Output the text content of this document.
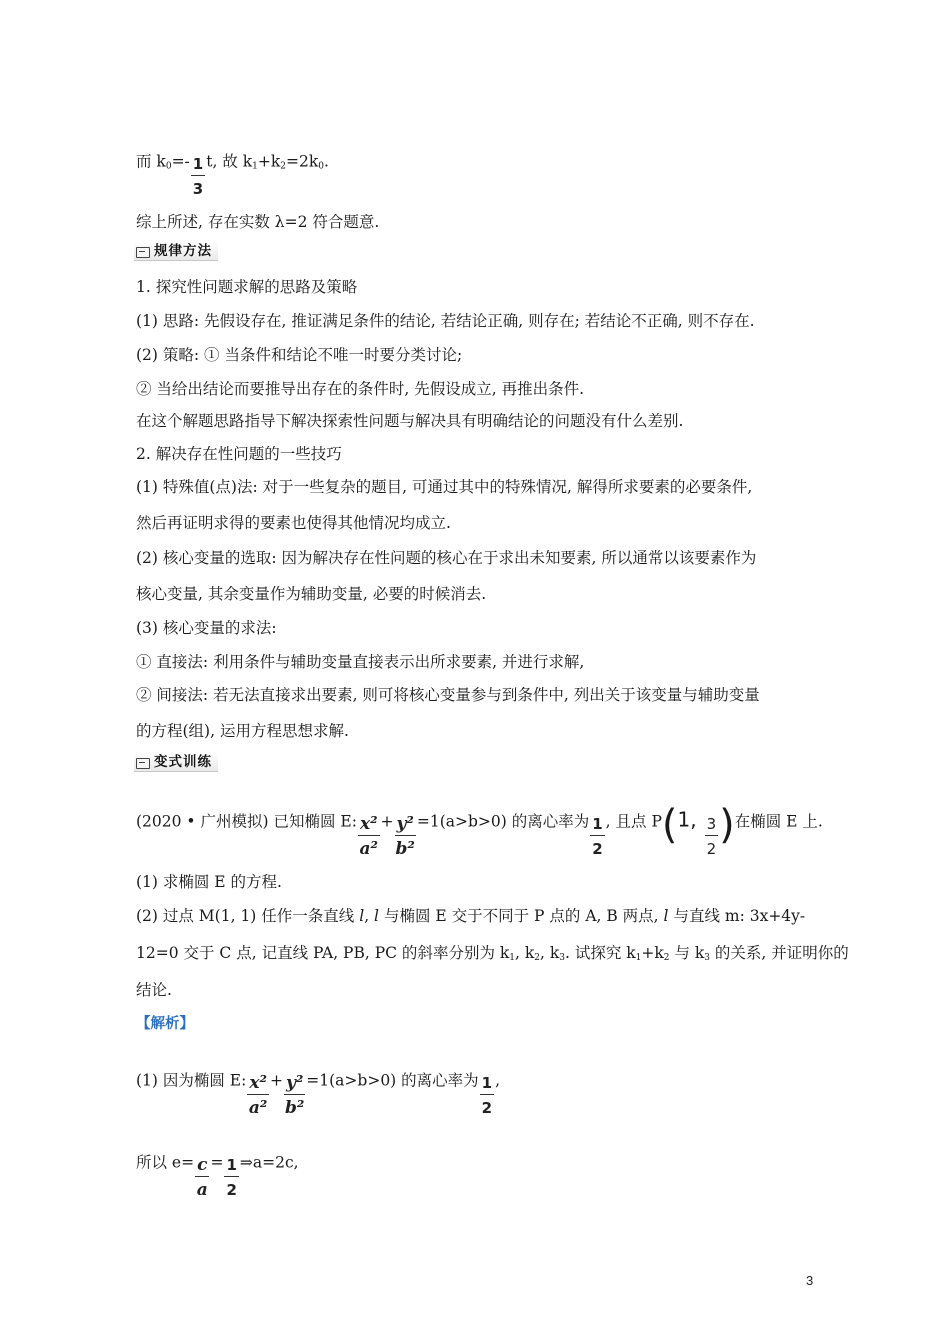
而 $k_0=- \frac{1}{3} t$, 故 $k_1+k_2=2k_0$.
综上所述, 存在实数 λ=2 符合题意.
规律方法
1. 探究性问题求解的思路及策略
(1) 思路: 先假设存在, 推证满足条件的结论, 若结论正确, 则存在; 若结论不正确, 则不存在.
(2) 策略: ① 当条件和结论不唯一时要分类讨论;
② 当给出结论而要推导出存在的条件时, 先假设成立, 再推出条件.
在这个解题思路指导下解决探索性问题与解决具有明确结论的问题没有什么差别.
2. 解决存在性问题的一些技巧
(1) 特殊值(点)法: 对于一些复杂的题目, 可通过其中的特殊情况, 解得所求要素的必要条件,
然后再证明求得的要素也使得其他情况均成立.
(2) 核心变量的选取: 因为解决存在性问题的核心在于求出未知要素, 所以通常以该要素作为
核心变量, 其余变量作为辅助变量, 必要的时候消去.
(3) 核心变量的求法:
① 直接法: 利用条件与辅助变量直接表示出所求要素, 并进行求解,
② 间接法: 若无法直接求出要素, 则可将核心变量参与到条件中, 列出关于该变量与辅助变量
的方程(组), 运用方程思想求解.
变式训练
(2020 • 广州模拟) 已知椭圆 E: $\frac{\text{x²}}{\text{a²}} + \frac{\text{y²}}{\text{b²}} =1(a>b>0)$ 的离心率为 $\frac{1}{2}$ , 且点 P(1, $\frac{3}{2}$ )在椭圆 E 上.
(1) 求椭圆 E 的方程.
(2) 过点 M(1, 1) 任作一条直线 l, l 与椭圆 E 交于不同于 P 点的 A, B 两点, l 与直线 m: 3x+4y-
12=0 交于 C 点, 记直线 PA, PB, PC 的斜率分别为 $k_1$, $k_2$, $k_3$. 试探究 $k_1+k_2$ 与 $k_3$ 的关系, 并证明你的
结论.
【解析】
(1) 因为椭圆 E: $\frac{\text{x²}}{\text{a²}} + \frac{\text{y²}}{\text{b²}} =1(a>b>0)$ 的离心率为 $\frac{1}{2}$ ,
所以 $e= \frac{c}{a} = \frac{1}{2}$ ⇒a=2c,
3
